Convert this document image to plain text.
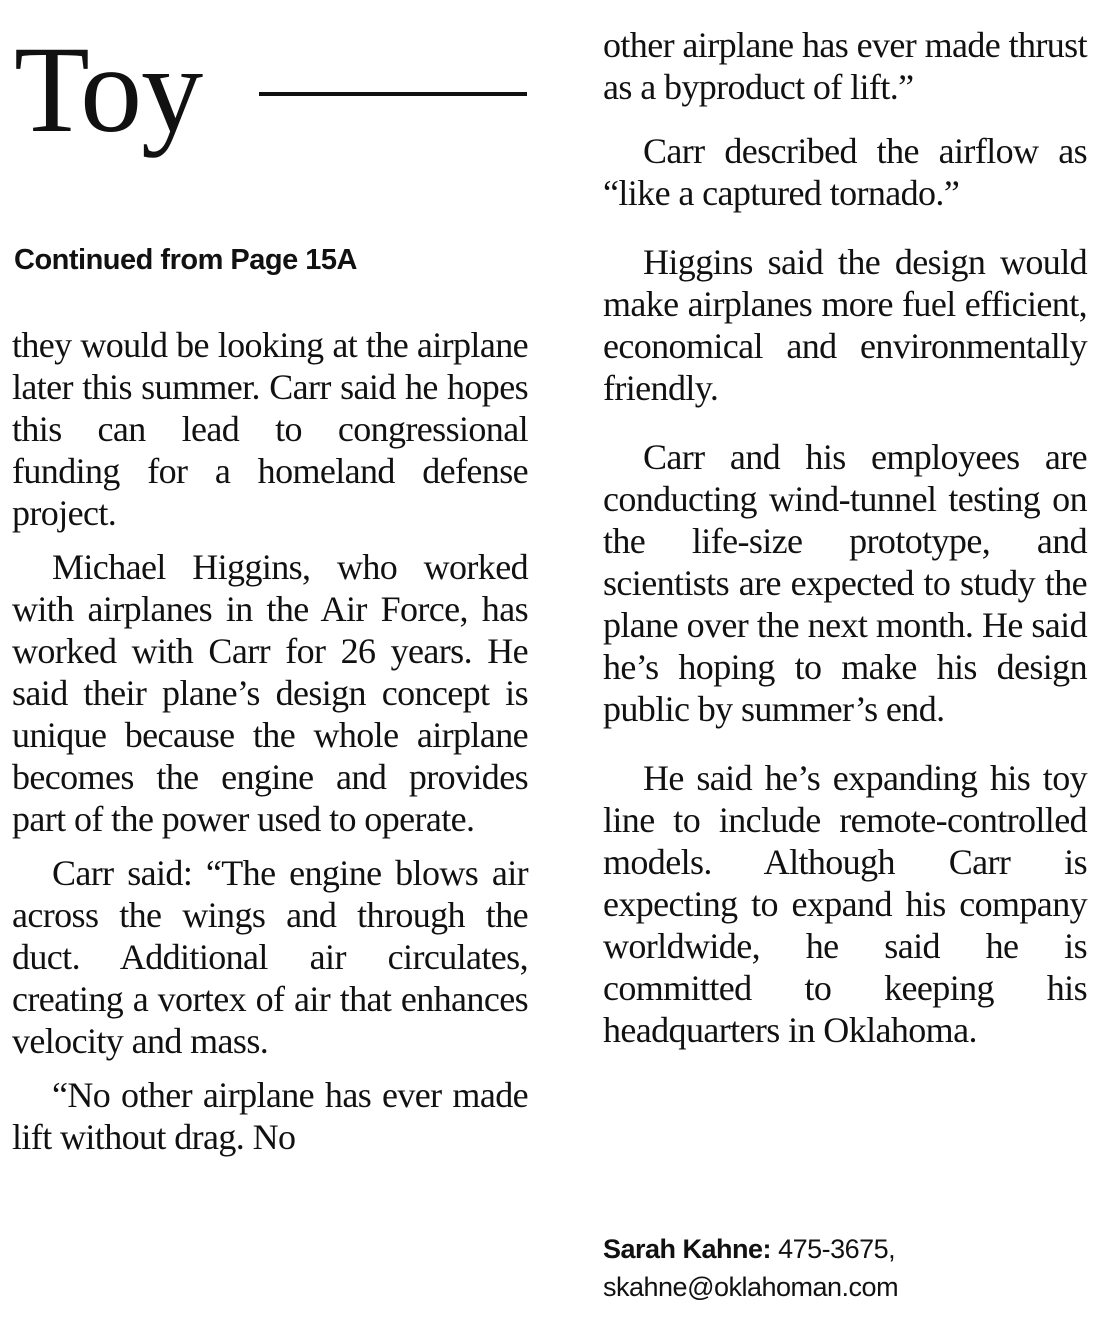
Toy
Continued from Page 15A

they would be looking at the airplane later this summer. Carr said he hopes this can lead to congressional funding for a homeland defense project.

Michael Higgins, who worked with airplanes in the Air Force, has worked with Carr for 26 years. He said their plane’s design concept is unique because the whole airplane becomes the engine and provides part of the power used to operate.

Carr said: “The engine blows air across the wings and through the duct. Additional air circulates, creating a vortex of air that enhances velocity and mass.

“No other airplane has ever made lift without drag. No

other airplane has ever made thrust as a byproduct of lift.”

Carr described the airflow as “like a captured tornado.”

Higgins said the design would make airplanes more fuel efficient, economical and environmentally friendly.

Carr and his employees are conducting wind-tunnel testing on the life-size prototype, and scientists are expected to study the plane over the next month. He said he’s hoping to make his design public by summer’s end.

He said he’s expanding his toy line to include remote-controlled models. Although Carr is expecting to expand his company worldwide, he said he is committed to keeping his headquarters in Oklahoma.

Sarah Kahne: 475-3675,
skahne@oklahoman.com
